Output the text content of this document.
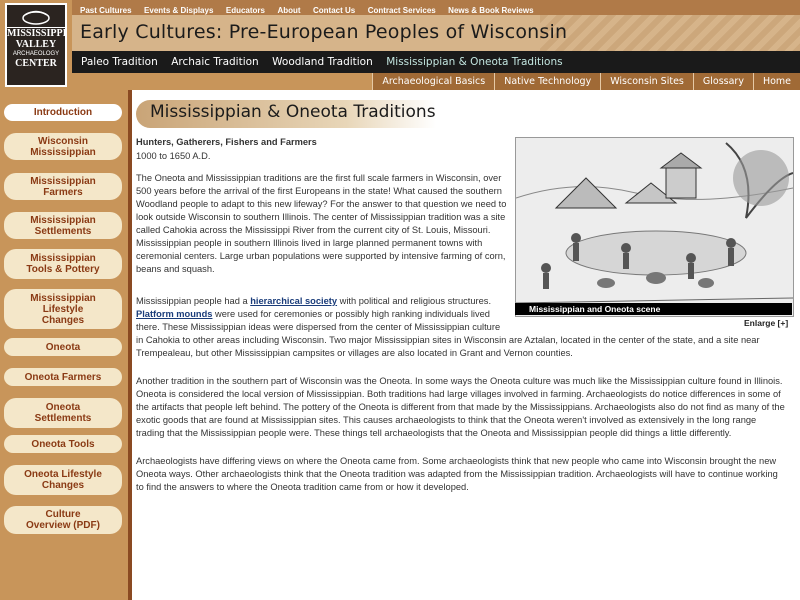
MISSISSIPPI
VALLEY
ARCHAEOLOGY
CENTER
Past Cultures Events & Displays Educators About Contact Us Contract Services News & Book Reviews
Early Cultures: Pre-European Peoples of Wisconsin
Paleo Tradition Archaic Tradition Woodland Tradition Mississippian & Oneota Traditions
Archaeological Basics	Native Technology	Wisconsin Sites	Glossary	Home
Introduction
Wisconsin Mississippian
Mississippian Farmers
Mississippian Settlements
Mississippian Tools & Pottery
Mississippian Lifestyle Changes
Oneota
Oneota Farmers
Oneota Settlements
Oneota Tools
Oneota Lifestyle Changes
Culture Overview (PDF)
Mississippian & Oneota Traditions
Hunters, Gatherers, Fishers and Farmers
1000 to 1650 A.D.
The Oneota and Mississippian traditions are the first full scale farmers in Wisconsin, over
500 years before the arrival of the first Europeans in the state! What caused the southern
Woodland people to adapt to this new lifeway? For the answer to that question we need to
look outside Wisconsin to southern Illinois. The center of Mississippian tradition was a site
called Cahokia across the Mississippi River from the current city of St. Louis, Missouri.
Mississippian people in southern Illinois lived in large planned permanent towns with
ceremonial centers. Large urban populations were supported by intensive farming of corn,
beans and squash.
Mississippian people had a hierarchical society with political and religious structures.
Platform mounds were used for ceremonies or possibly high ranking individuals lived
there. These Mississippian ideas were dispersed from the center of Mississippian culture
in Cahokia to other areas including Wisconsin. Two major Mississippian sites in Wisconsin are Aztalan, located in the center of the state, and a site near
Trempealeau, but other Mississippian campsites or villages are also located in Grant and Vernon counties.
Another tradition in the southern part of Wisconsin was the Oneota. In some ways the Oneota culture was much like the Mississippian culture found in Illinois.
Oneota is considered the local version of Mississippian. Both traditions had large villages involved in farming. Archaeologists do notice differences in some of
the artifacts that people left behind. The pottery of the Oneota is different from that made by the Mississippians. Archaeologists also do not find as many of the
exotic goods that are found at Mississippian sites. This causes archaeologists to think that the Oneota weren't involved as extensively in the long range
trading that the Mississippian people were. These things tell archaeologists that the Oneota and Mississippian people did things a little differently.
Archaeologists have differing views on where the Oneota came from. Some archaeologists think that new people who came into Wisconsin brought the new
Oneota ways. Other archaeologists think that the Oneota tradition was adapted from the Mississippian tradition. Archaeologists will have to continue working
to find the answers to where the Oneota tradition came from or how it developed.
Mississippian and Oneota scene
Enlarge [+]
